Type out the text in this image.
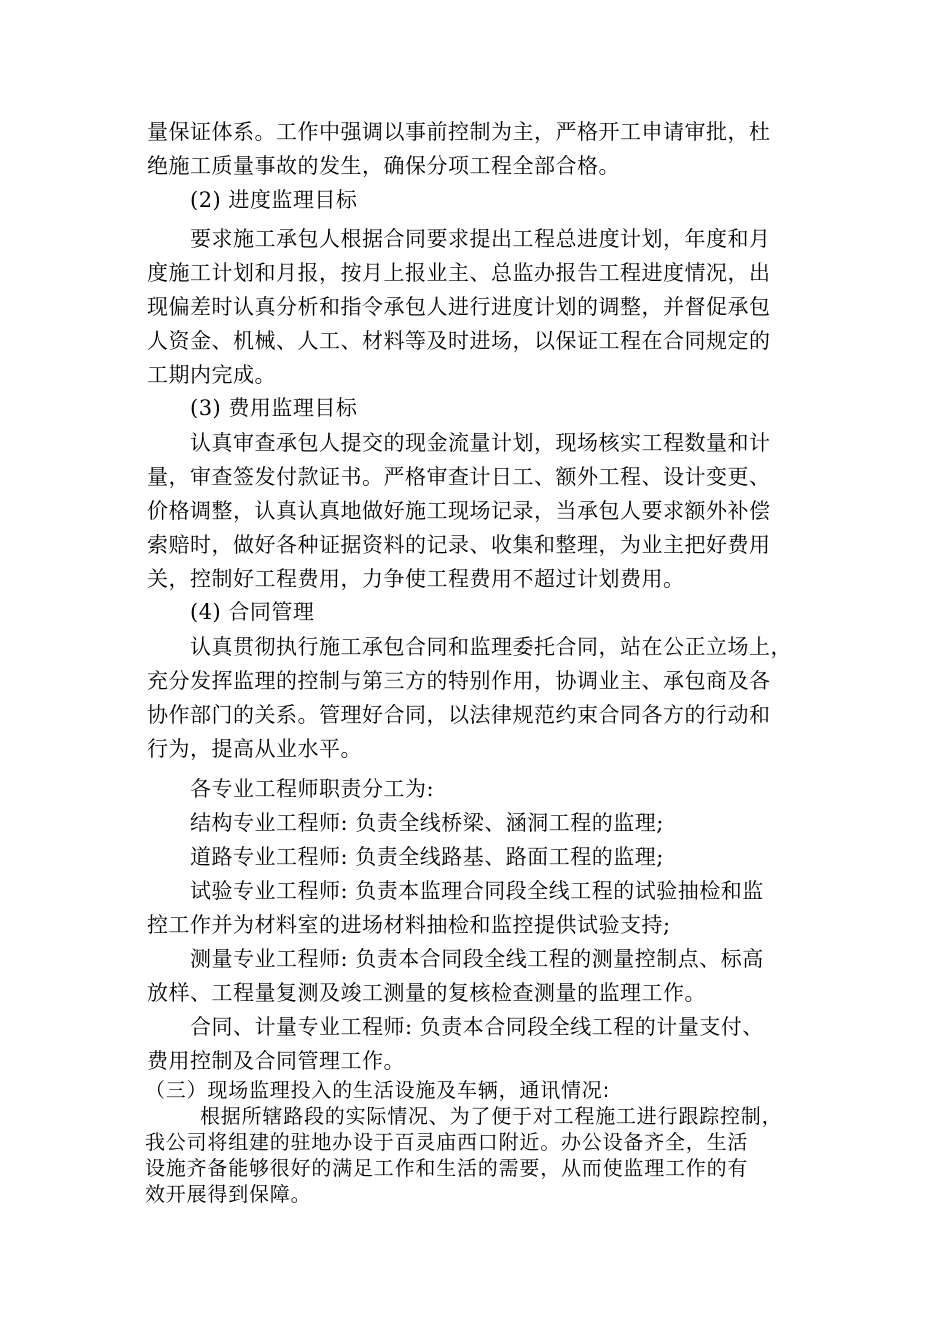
量保证体系。工作中强调以事前控制为主，严格开工申请审批，杜
绝施工质量事故的发生，确保分项工程全部合格。
(2) 进度监理目标
要求施工承包人根据合同要求提出工程总进度计划，年度和月
度施工计划和月报，按月上报业主、总监办报告工程进度情况，出
现偏差时认真分析和指令承包人进行进度计划的调整，并督促承包
人资金、机械、人工、材料等及时进场，以保证工程在合同规定的
工期内完成。
(3) 费用监理目标
认真审查承包人提交的现金流量计划，现场核实工程数量和计
量，审查签发付款证书。严格审查计日工、额外工程、设计变更、
价格调整，认真认真地做好施工现场记录，当承包人要求额外补偿
索赔时，做好各种证据资料的记录、收集和整理，为业主把好费用
关，控制好工程费用，力争使工程费用不超过计划费用。
(4) 合同管理
认真贯彻执行施工承包合同和监理委托合同，站在公正立场上，
充分发挥监理的控制与第三方的特别作用，协调业主、承包商及各
协作部门的关系。管理好合同，以法律规范约束合同各方的行动和
行为，提高从业水平。
各专业工程师职责分工为:
结构专业工程师: 负责全线桥梁、涵洞工程的监理;
道路专业工程师: 负责全线路基、路面工程的监理;
试验专业工程师: 负责本监理合同段全线工程的试验抽检和监
控工作并为材料室的进场材料抽检和监控提供试验支持;
测量专业工程师: 负责本合同段全线工程的测量控制点、标高
放样、工程量复测及竣工测量的复核检查测量的监理工作。
合同、计量专业工程师: 负责本合同段全线工程的计量支付、
费用控制及合同管理工作。
（三）现场监理投入的生活设施及车辆，通讯情况:
根据所辖路段的实际情况、为了便于对工程施工进行跟踪控制，
我公司将组建的驻地办设于百灵庙西口附近。办公设备齐全，生活
设施齐备能够很好的满足工作和生活的需要，从而使监理工作的有
效开展得到保障。
